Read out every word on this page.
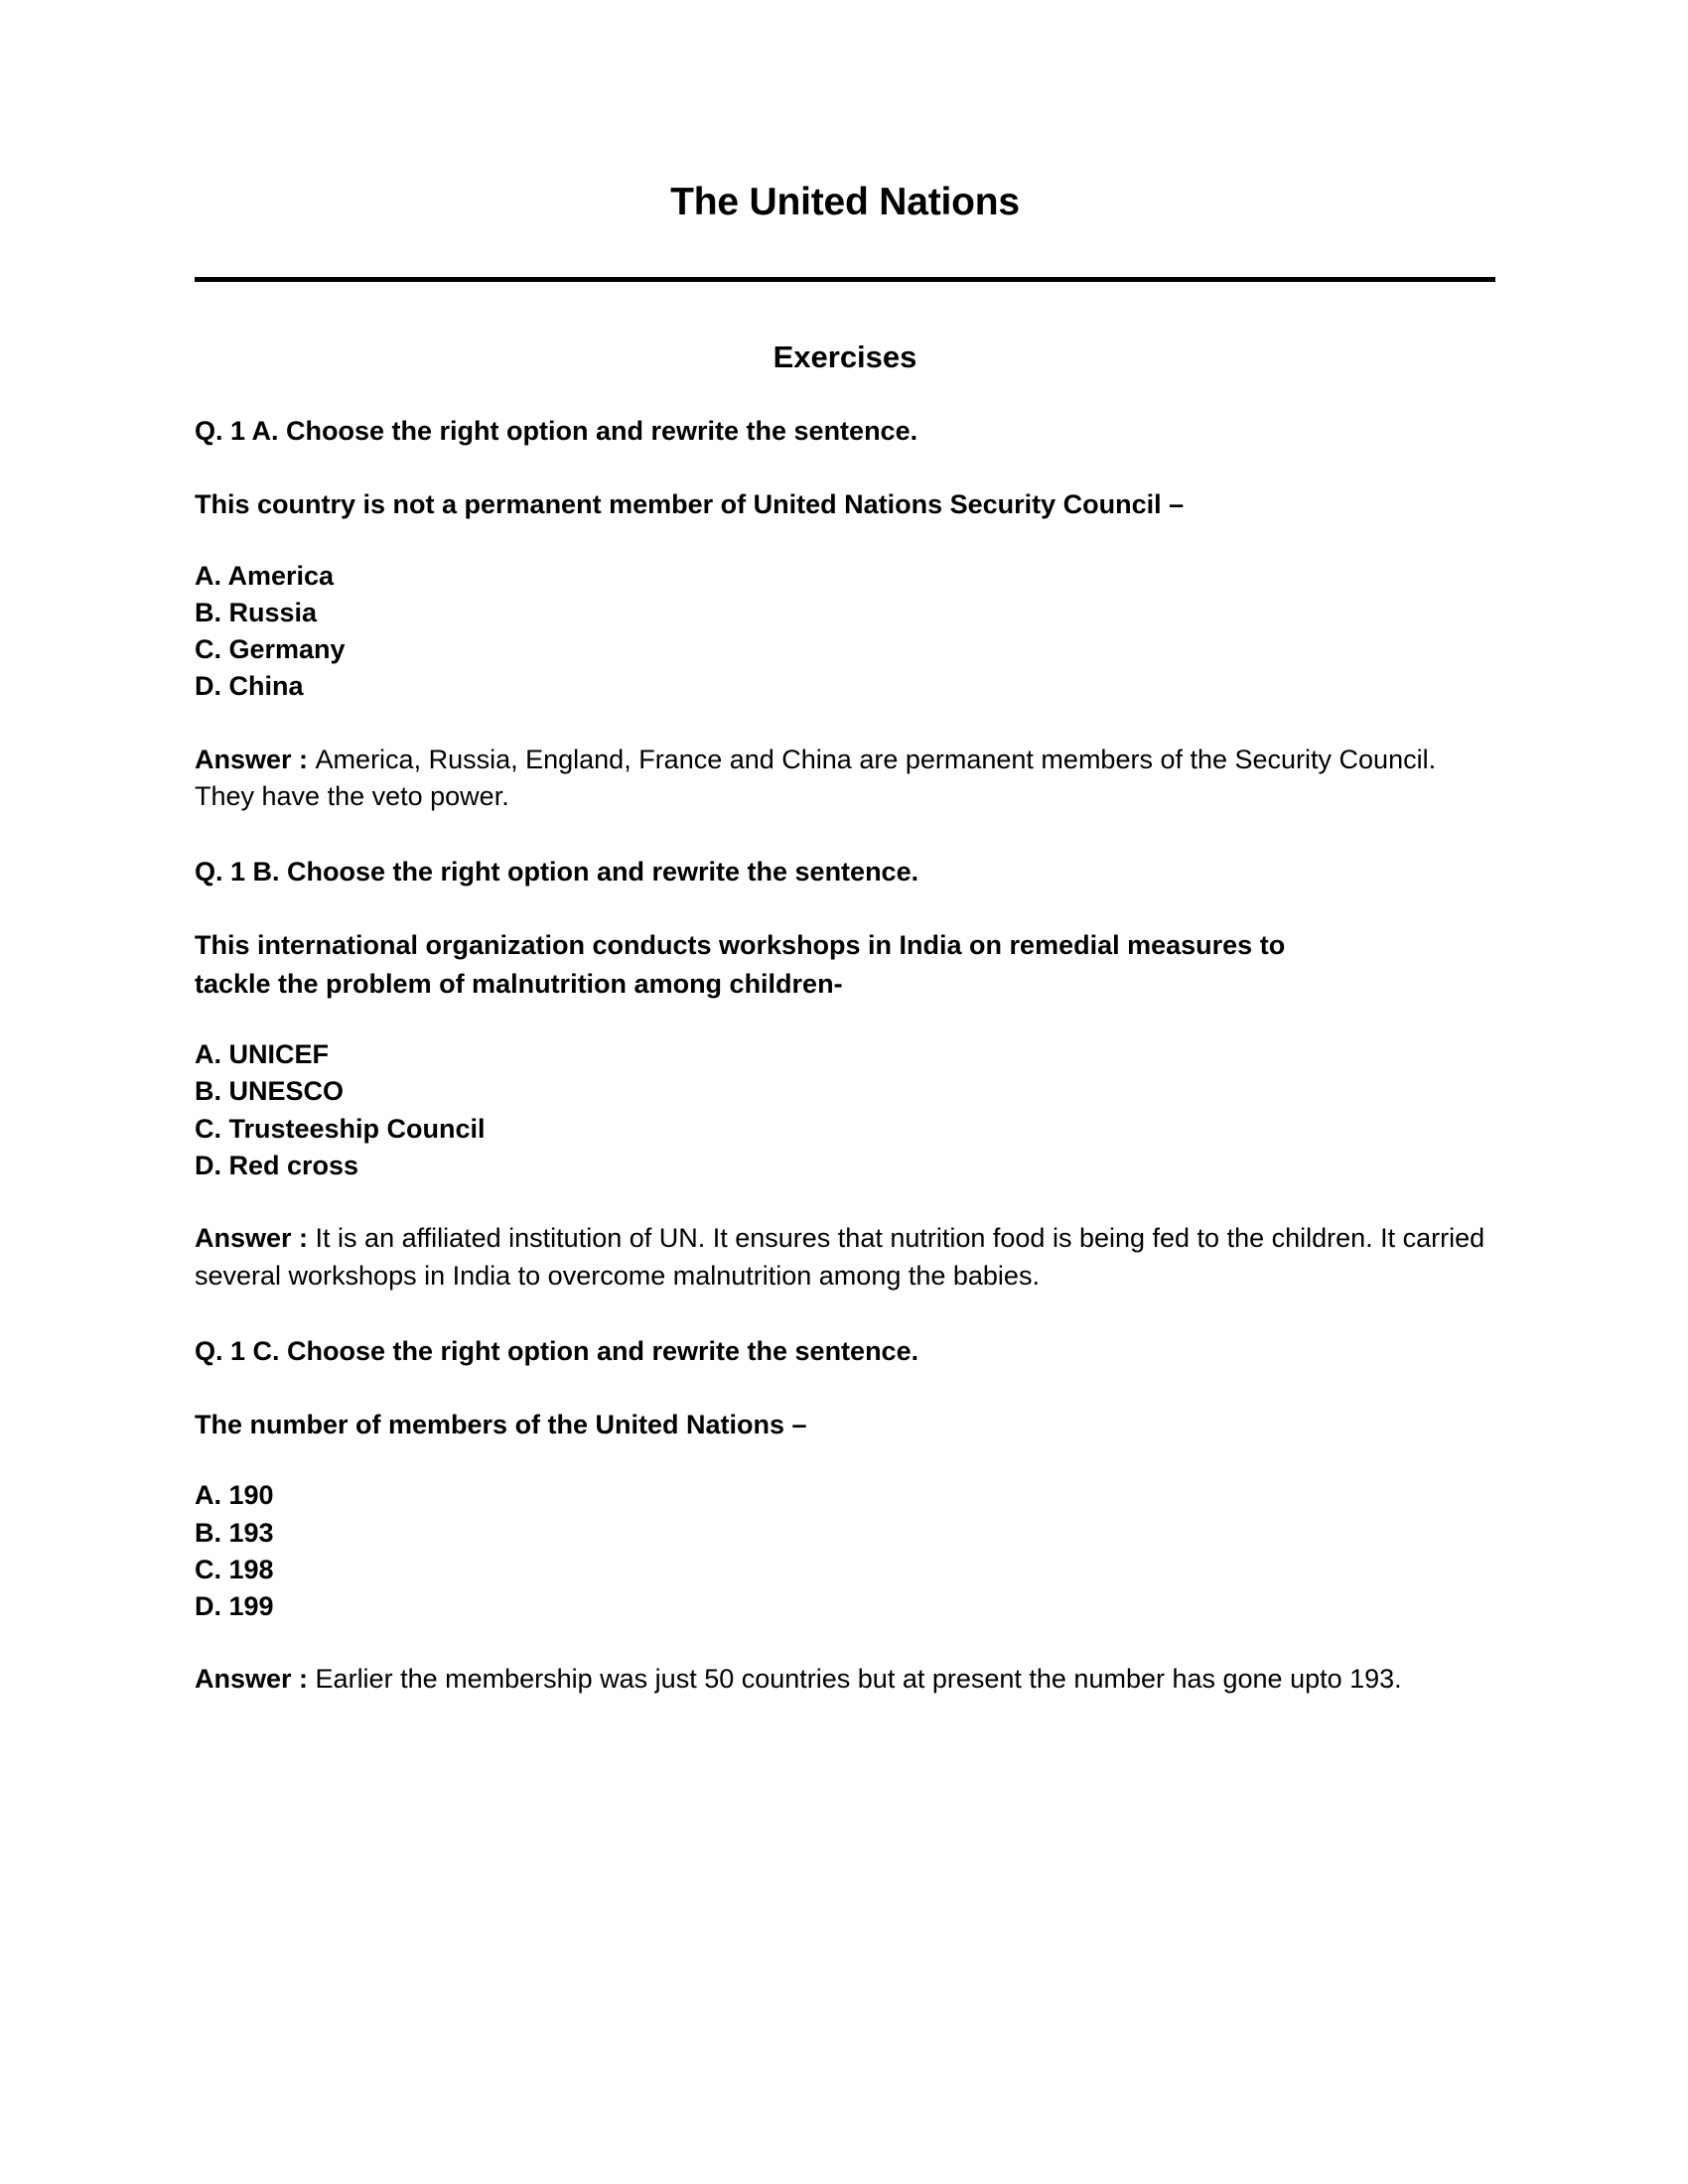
The United Nations
Exercises

Q. 1 A. Choose the right option and rewrite the sentence.

This country is not a permanent member of United Nations Security Council –

A. America
B. Russia
C. Germany
D. China

Answer : America, Russia, England, France and China are permanent members of the Security Council. They have the veto power.

Q. 1 B. Choose the right option and rewrite the sentence.

This international organization conducts workshops in India on remedial measures to tackle the problem of malnutrition among children-

A. UNICEF
B. UNESCO
C. Trusteeship Council
D. Red cross

Answer : It is an affiliated institution of UN. It ensures that nutrition food is being fed to the children. It carried several workshops in India to overcome malnutrition among the babies.

Q. 1 C. Choose the right option and rewrite the sentence.

The number of members of the United Nations –

A. 190
B. 193
C. 198
D. 199

Answer : Earlier the membership was just 50 countries but at present the number has gone upto 193.
